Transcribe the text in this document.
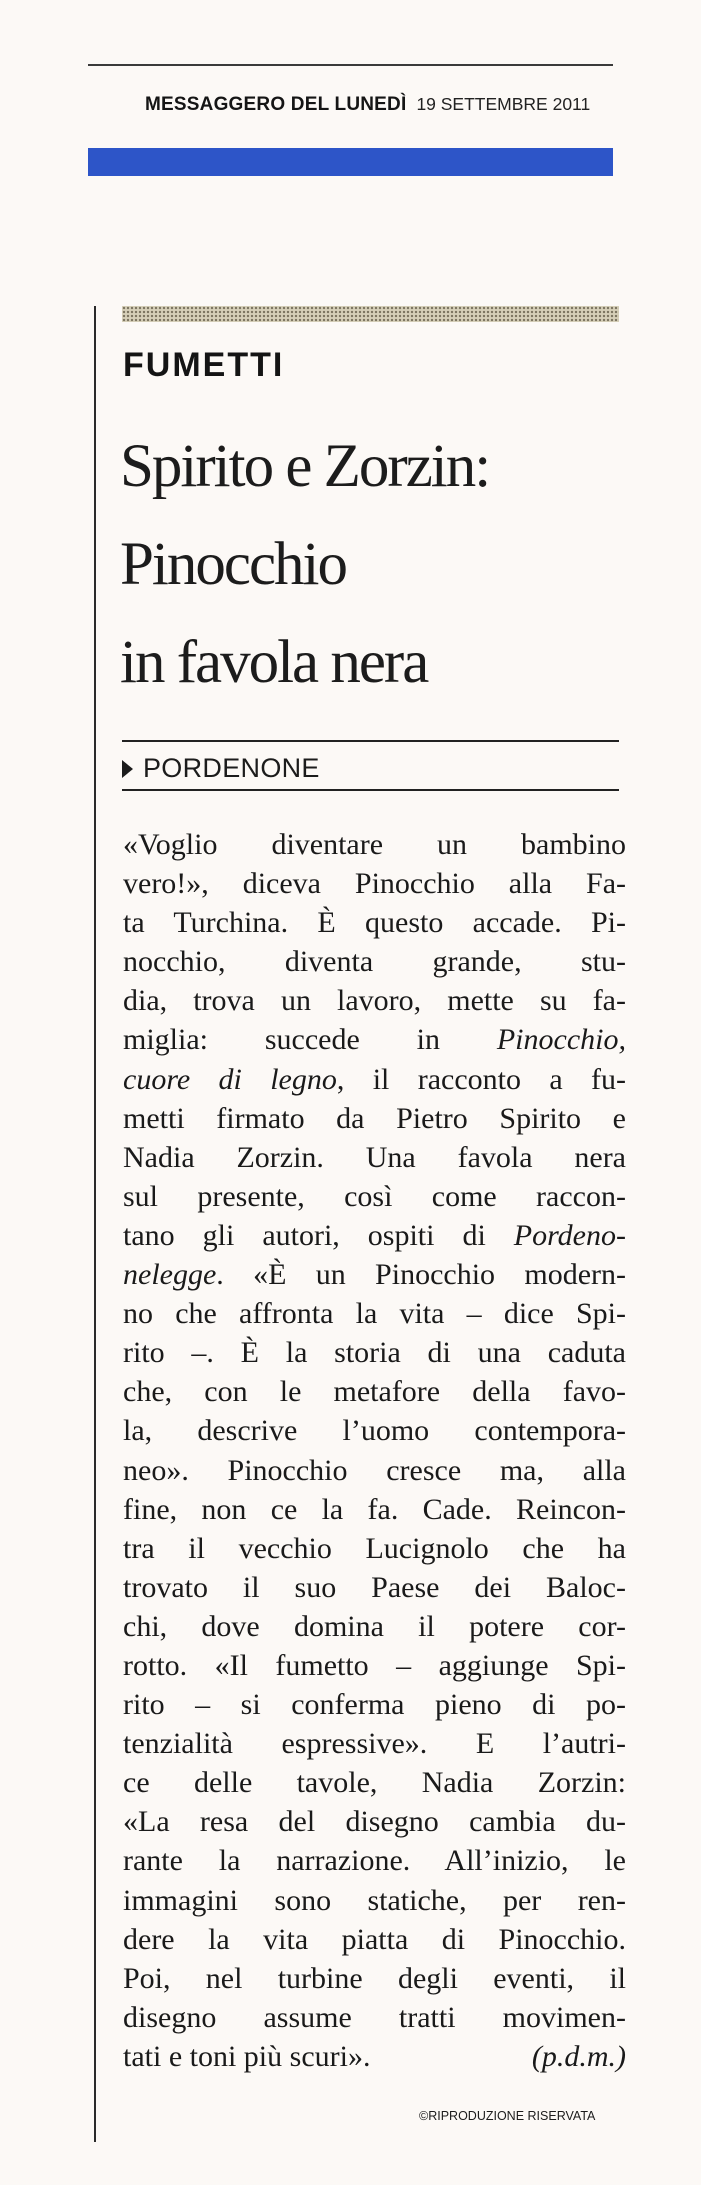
MESSAGGERO DEL LUNEDÌ 19 SETTEMBRE 2011
FUMETTI
Spirito e Zorzin:
Pinocchio
in favola nera
PORDENONE
«Voglio diventare un bambino
vero!», diceva Pinocchio alla Fa-
ta Turchina. È questo accade. Pi-
nocchio, diventa grande, stu-
dia, trova un lavoro, mette su fa-
miglia: succede in Pinocchio,
cuore di legno, il racconto a fu-
metti firmato da Pietro Spirito e
Nadia Zorzin. Una favola nera
sul presente, così come raccon-
tano gli autori, ospiti di Pordeno-
nelegge. «È un Pinocchio modern-
no che affronta la vita – dice Spi-
rito –. È la storia di una caduta
che, con le metafore della favo-
la, descrive l’uomo contempora-
neo». Pinocchio cresce ma, alla
fine, non ce la fa. Cade. Reincon-
tra il vecchio Lucignolo che ha
trovato il suo Paese dei Baloc-
chi, dove domina il potere cor-
rotto. «Il fumetto – aggiunge Spi-
rito – si conferma pieno di po-
tenzialità espressive». E l’autri-
ce delle tavole, Nadia Zorzin:
«La resa del disegno cambia du-
rante la narrazione. All’inizio, le
immagini sono statiche, per ren-
dere la vita piatta di Pinocchio.
Poi, nel turbine degli eventi, il
disegno assume tratti movimen-
tati e toni più scuri».	(p.d.m.)
©RIPRODUZIONE RISERVATA
